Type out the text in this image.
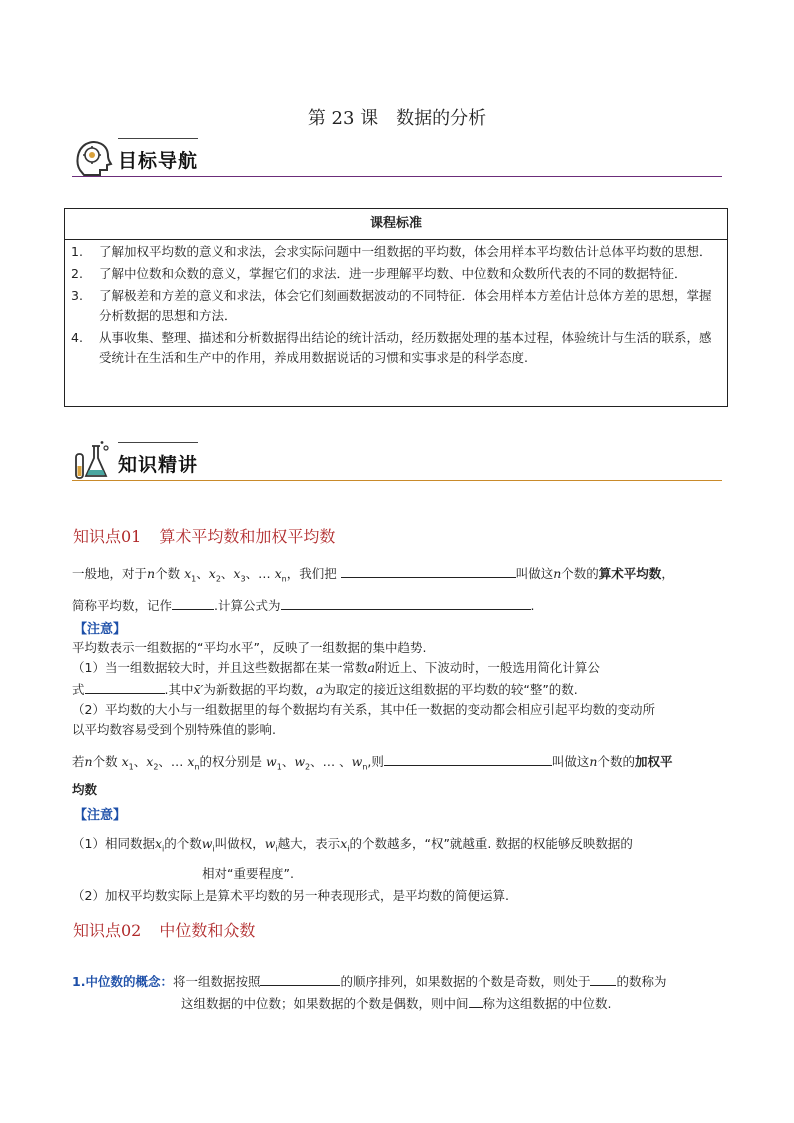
第 23 课　数据的分析
目标导航
课程标准
1. 了解加权平均数的意义和求法，会求实际问题中一组数据的平均数，体会用样本平均数估计总体平均数的思想．
2. 了解中位数和众数的意义，掌握它们的求法．进一步理解平均数、中位数和众数所代表的不同的数据特征．
3. 了解极差和方差的意义和求法，体会它们刻画数据波动的不同特征．体会用样本方差估计总体方差的思想，掌握分析数据的思想和方法．
4. 从事收集、整理、描述和分析数据得出结论的统计活动，经历数据处理的基本过程，体验统计与生活的联系，感受统计在生活和生产中的作用，养成用数据说话的习惯和实事求是的科学态度.
知识精讲
知识点01 算术平均数和加权平均数
一般地，对于n个数 $x_1$、$x_2$、$x_3$、… $x_n$，我们把	叫做这n个数的算术平均数，
简称平均数，记作	.计算公式为	.
【注意】
平均数表示一组数据的“平均水平”，反映了一组数据的集中趋势.
（1）当一组数据较大时，并且这些数据都在某一常数a附近上、下波动时，一般选用简化计算公
式	.其中x̄′为新数据的平均数，a为取定的接近这组数据的平均数的较“整”的数.
（2）平均数的大小与一组数据里的每个数据均有关系，其中任一数据的变动都会相应引起平均数的变动所
以平均数容易受到个别特殊值的影响.
若n个数 $x_1$、$x_2$、… $x_n$的权分别是 $w_1$、$w_2$、… 、$w_n$,则	叫做这n个数的加权平
均数
【注意】
（1）相同数据$x_i$的个数$w_i$叫做权，$w_i$越大，表示$x_i$的个数越多，“权”就越重. 数据的权能够反映数据的
相对“重要程度”.
（2）加权平均数实际上是算术平均数的另一种表现形式，是平均数的简便运算.
知识点02 中位数和众数
1.中位数的概念：将一组数据按照	的顺序排列，如果数据的个数是奇数，则处于 的数称为
这组数据的中位数；如果数据的个数是偶数，则中间 称为这组数据的中位数.
